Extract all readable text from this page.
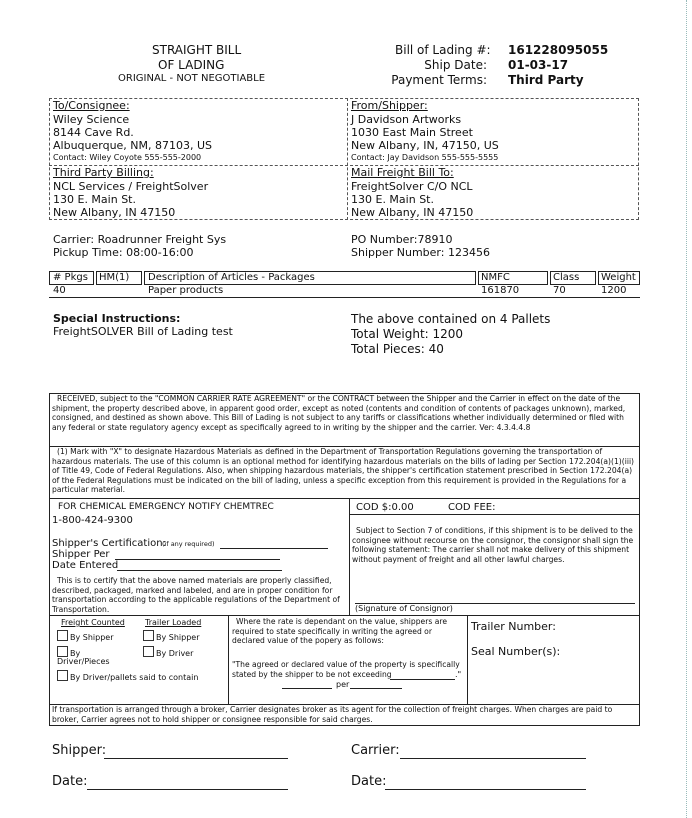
STRAIGHT BILL
OF LADING
ORIGINAL - NOT NEGOTIABLE
Bill of Lading #: 161228095055
Ship Date: 01-03-17
Payment Terms: Third Party
To/Consignee:
Wiley Science
8144 Cave Rd.
Albuquerque, NM, 87103, US
Contact: Wiley Coyote 555-555-2000
From/Shipper:
J Davidson Artworks
1030 East Main Street
New Albany, IN, 47150, US
Contact: Jay Davidson 555-555-5555
Third Party Billing:
NCL Services / FreightSolver
130 E. Main St.
New Albany, IN 47150
Mail Freight Bill To:
FreightSolver C/O NCL
130 E. Main St.
New Albany, IN 47150
Carrier: Roadrunner Freight Sys
Pickup Time: 08:00-16:00
PO Number:78910
Shipper Number: 123456
# Pkgs HM(1) Description of Articles - Packages	NMFC	Class Weight
40	Paper products	161870	70	1200
Special Instructions:
FreightSOLVER Bill of Lading test
The above contained on 4 Pallets
Total Weight: 1200
Total Pieces: 40
RECEIVED, subject to the "COMMON CARRIER RATE AGREEMENT" or the CONTRACT between the Shipper and the Carrier in effect on the date of the shipment, the property described above, in apparent good order, except as noted (contents and condition of contents of packages unknown), marked, consigned, and destined as shown above. This Bill of Lading is not subject to any tariffs or classifications whether individually determined or filed with any federal or state regulatory agency except as specifically agreed to in writing by the shipper and the carrier. Ver: 4.3.4.4.8
(1) Mark with "X" to designate Hazardous Materials as defined in the Department of Transportation Regulations governing the transportation of hazardous materials. The use of this column is an optional method for identifying hazardous materials on the bills of lading per Section 172.204(a)(1)(iii) of Title 49, Code of Federal Regulations. Also, when shipping hazardous materials, the shipper's certification statement prescribed in Section 172.204(a) of the Federal Regulations must be indicated on the bill of lading, unless a specific exception from this requirement is provided in the Regulations for a particular material.
FOR CHEMICAL EMERGENCY NOTIFY CHEMTREC
1-800-424-9300
Shipper's Certification:
(if any required)
Shipper Per
Date Entered
This is to certify that the above named materials are properly classified, described, packaged, marked and labeled, and are in proper condition for transportation according to the applicable regulations of the Department of Transportation.
COD $:0.00	COD FEE:
Subject to Section 7 of conditions, if this shipment is to be delived to the consignee without recourse on the consignor, the consignor shall sign the following statement: The carrier shall not make delivery of this shipment without payment of freight and all other lawful charges.
(Signature of Consignor)
Freight Counted	Trailer Loaded
By Shipper	By Shipper
By	By Driver
Driver/Pieces
By Driver/pallets said to contain
Where the rate is dependant on the value, shippers are required to state specifically in writing the agreed or declared value of the popery as follows:
"The agreed or declared value of the property is specifically stated by the shipper to be not exceeding	."
per
Trailer Number:
Seal Number(s):
If transportation is arranged through a broker, Carrier designates broker as its agent for the collection of freight charges. When charges are paid to broker, Carrier agrees not to hold shipper or consignee responsible for said charges.
Shipper:	Carrier:
Date:	Date:
